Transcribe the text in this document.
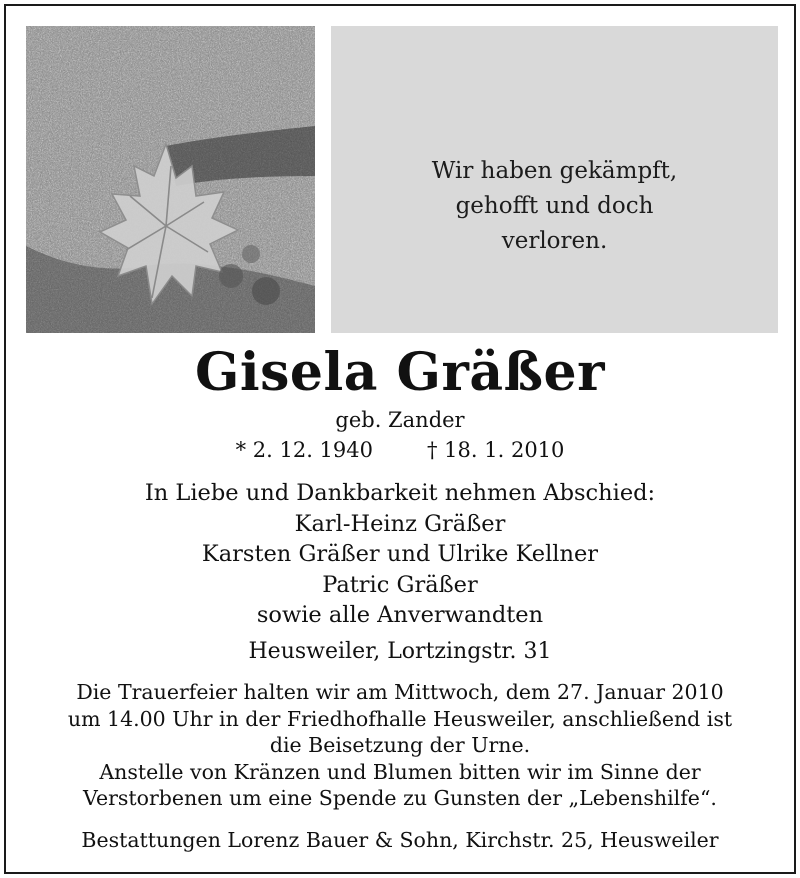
Wir haben gekämpft,
gehofft und doch
verloren.
Gisela Gräßer
geb. Zander
* 2. 12. 1940	† 18. 1. 2010
In Liebe und Dankbarkeit nehmen Abschied:
Karl-Heinz Gräßer
Karsten Gräßer und Ulrike Kellner
Patric Gräßer
sowie alle Anverwandten
Heusweiler, Lortzingstr. 31
Die Trauerfeier halten wir am Mittwoch, dem 27. Januar 2010
um 14.00 Uhr in der Friedhofhalle Heusweiler, anschließend ist
die Beisetzung der Urne.
Anstelle von Kränzen und Blumen bitten wir im Sinne der
Verstorbenen um eine Spende zu Gunsten der „Lebenshilfe“.
Bestattungen Lorenz Bauer & Sohn, Kirchstr. 25, Heusweiler
